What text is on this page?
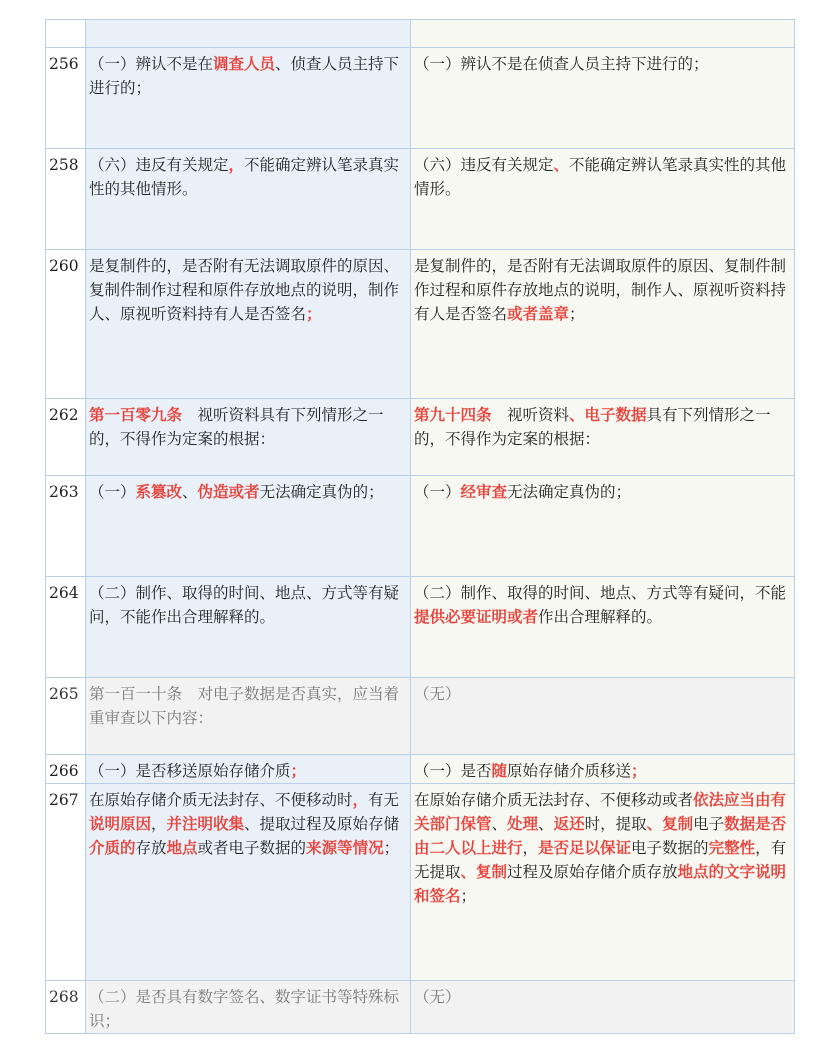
256	（一）辨认不是在调查人员、侦查人员主持下进行的；	（一）辨认不是在侦查人员主持下进行的；
258	（六）违反有关规定，不能确定辨认笔录真实性的其他情形。	（六）违反有关规定、不能确定辨认笔录真实性的其他情形。
260	是复制件的，是否附有无法调取原件的原因、复制件制作过程和原件存放地点的说明，制作人、原视听资料持有人是否签名；	是复制件的，是否附有无法调取原件的原因、复制件制作过程和原件存放地点的说明，制作人、原视听资料持有人是否签名或者盖章；
262	第一百零九条　视听资料具有下列情形之一的，不得作为定案的根据：	第九十四条　视听资料、电子数据具有下列情形之一的，不得作为定案的根据：
263	（一）系篡改、伪造或者无法确定真伪的；	（一）经审查无法确定真伪的；
264	（二）制作、取得的时间、地点、方式等有疑问，不能作出合理解释的。	（二）制作、取得的时间、地点、方式等有疑问，不能提供必要证明或者作出合理解释的。
265	第一百一十条　对电子数据是否真实，应当着重审查以下内容：	（无）
266	（一）是否移送原始存储介质；	（一）是否随原始存储介质移送；
267	在原始存储介质无法封存、不便移动时，有无说明原因，并注明收集、提取过程及原始存储介质的存放地点或者电子数据的来源等情况；	在原始存储介质无法封存、不便移动或者依法应当由有关部门保管、处理、返还时，提取、复制电子数据是否由二人以上进行，是否足以保证电子数据的完整性，有无提取、复制过程及原始存储介质存放地点的文字说明和签名；
268	（二）是否具有数字签名、数字证书等特殊标识；	（无）
